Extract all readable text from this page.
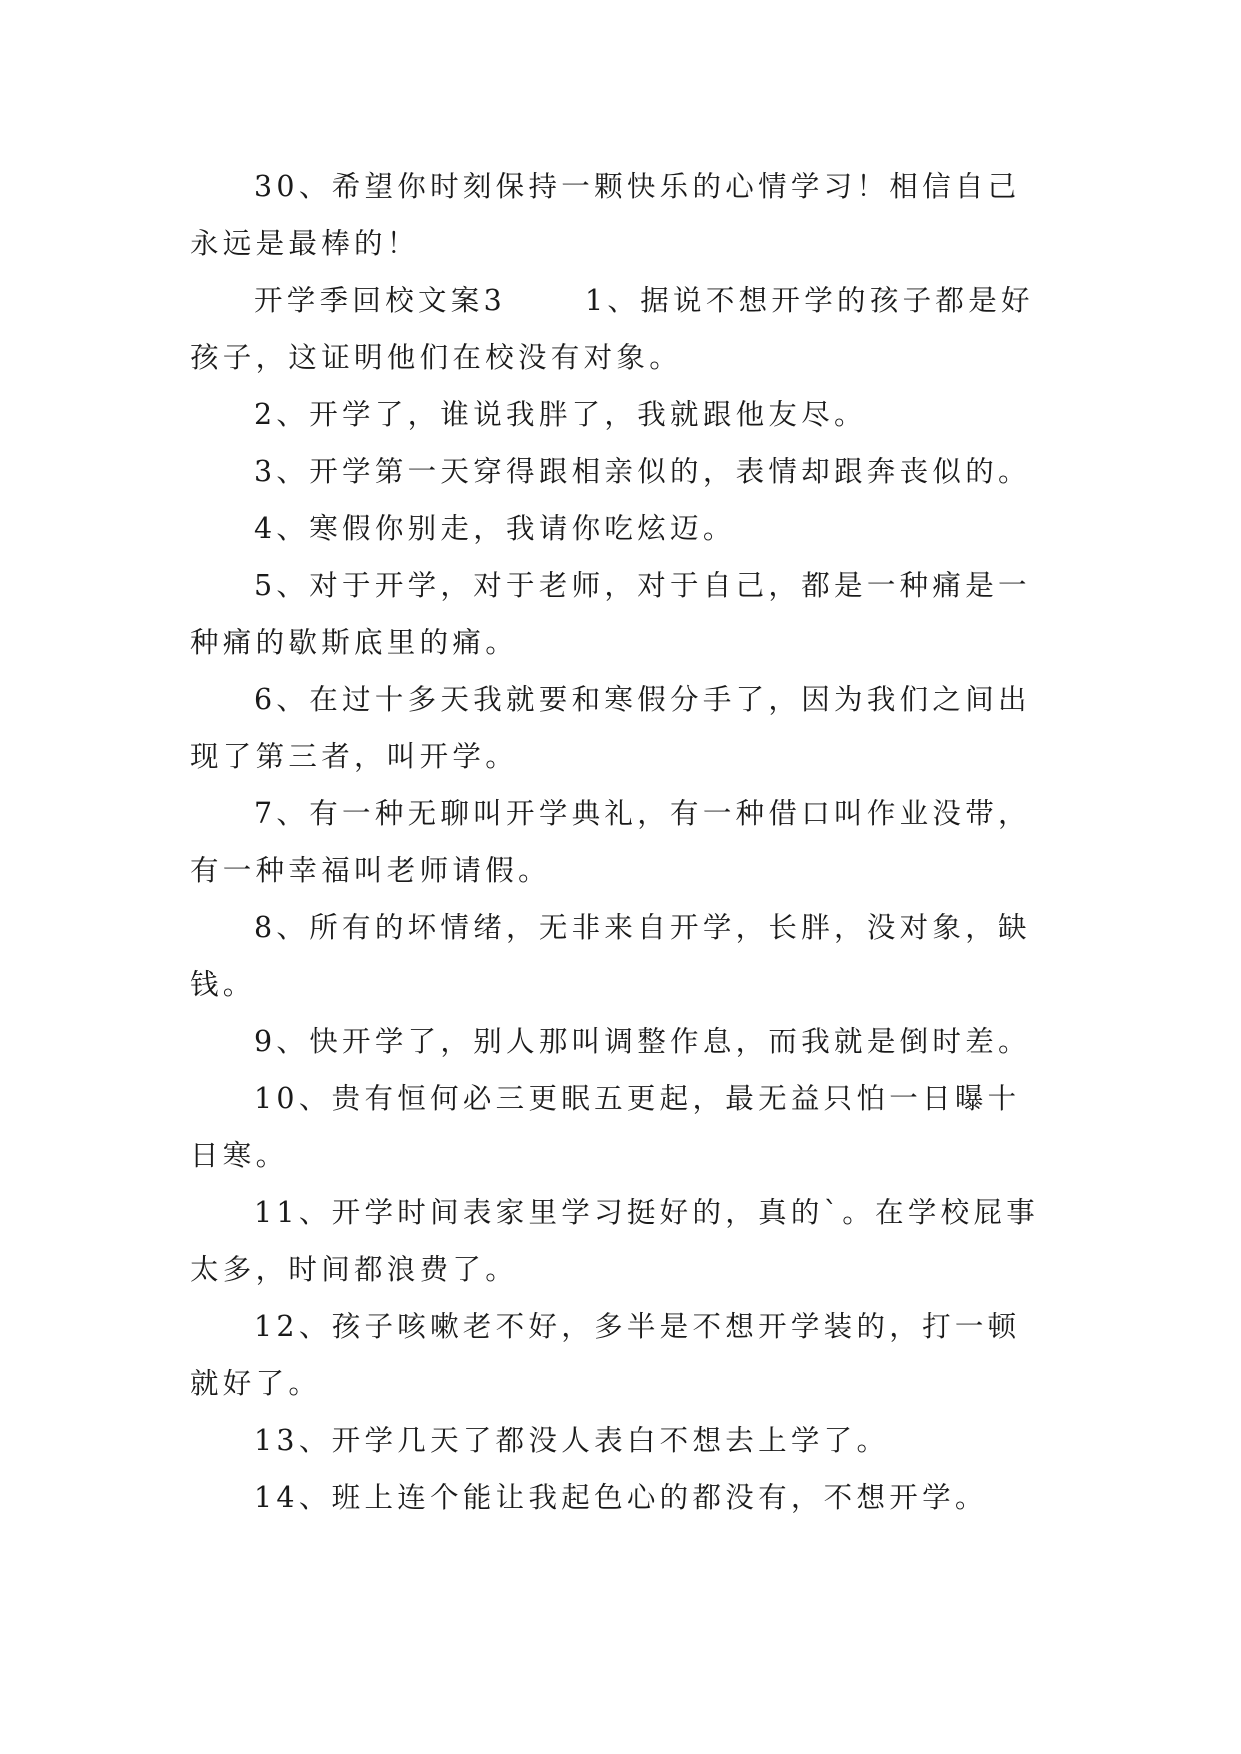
30、希望你时刻保持一颗快乐的心情学习！相信自己永远是最棒的！

开学季回校文案3　　 1、据说不想开学的孩子都是好孩子，这证明他们在校没有对象。

2、开学了，谁说我胖了，我就跟他友尽。

3、开学第一天穿得跟相亲似的，表情却跟奔丧似的。

4、寒假你别走，我请你吃炫迈。

5、对于开学，对于老师，对于自己，都是一种痛是一种痛的歇斯底里的痛。

6、在过十多天我就要和寒假分手了，因为我们之间出现了第三者，叫开学。

7、有一种无聊叫开学典礼，有一种借口叫作业没带，有一种幸福叫老师请假。

8、所有的坏情绪，无非来自开学，长胖，没对象，缺钱。

9、快开学了，别人那叫调整作息，而我就是倒时差。

10、贵有恒何必三更眠五更起，最无益只怕一日曝十日寒。

11、开学时间表家里学习挺好的，真的`。在学校屁事太多，时间都浪费了。

12、孩子咳嗽老不好，多半是不想开学装的，打一顿就好了。

13、开学几天了都没人表白不想去上学了。

14、班上连个能让我起色心的都没有，不想开学。
